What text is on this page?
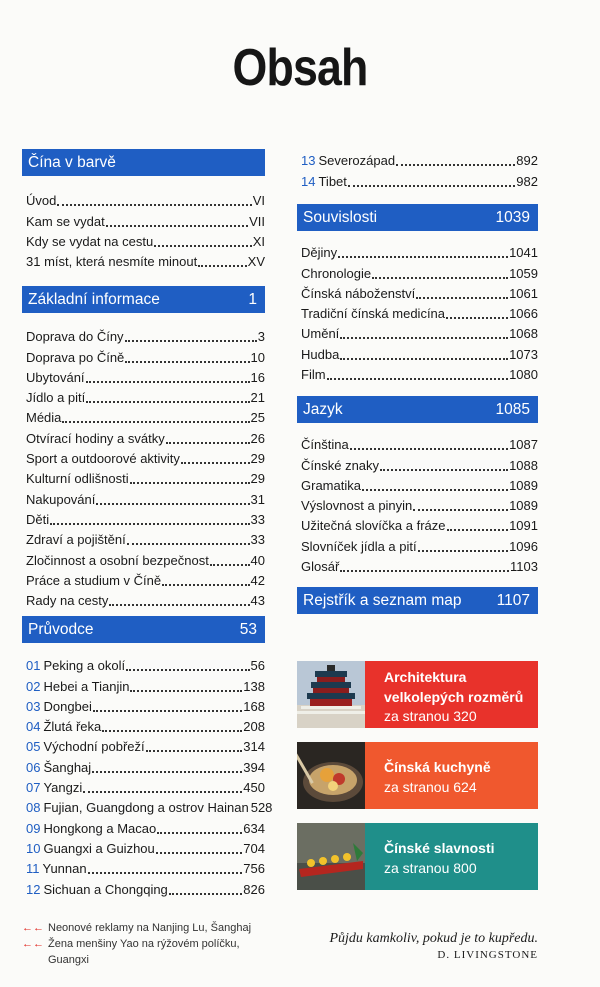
Obsah
Čína v barvě
Úvod	VI
Kam se vydat	VII
Kdy se vydat na cestu	XI
31 míst, která nesmíte minout	XV
Základní informace	1
Doprava do Číny	3
Doprava po Číně	10
Ubytování	16
Jídlo a pití	21
Média	25
Otvírací hodiny a svátky	26
Sport a outdoorové aktivity	29
Kulturní odlišnosti	29
Nakupování	31
Děti	33
Zdraví a pojištění	33
Zločinnost a osobní bezpečnost	40
Práce a studium v Číně	42
Rady na cesty	43
Průvodce	53
01 Peking a okolí	56
02 Hebei a Tianjin	138
03 Dongbei	168
04 Žlutá řeka	208
05 Východní pobřeží	314
06 Šanghaj	394
07 Yangzi	450
08 Fujian, Guangdong a ostrov Hainan 528
09 Hongkong a Macao	634
10 Guangxi a Guizhou	704
11 Yunnan	756
12 Sichuan a Chongqing	826
13 Severozápad	892
14 Tibet	982
Souvislosti	1039
Dějiny	1041
Chronologie	1059
Čínská náboženství	1061
Tradiční čínská medicína	1066
Umění	1068
Hudba	1073
Film	1080
Jazyk	1085
Čínština	1087
Čínské znaky	1088
Gramatika	1089
Výslovnost a pinyin	1089
Užitečná slovíčka a fráze	1091
Slovníček jídla a pití	1096
Glosář	1103
Rejstřík a seznam map 1107
Architektura
velkolepých rozměrů
za stranou 320
Čínská kuchyně
za stranou 624
Čínské slavnosti
za stranou 800
←← Neonové reklamy na Nanjing Lu, Šanghaj
←← Žena menšiny Yao na rýžovém políčku, Guangxi
Půjdu kamkoliv, pokud je to kupředu.
D. LIVINGSTONE
